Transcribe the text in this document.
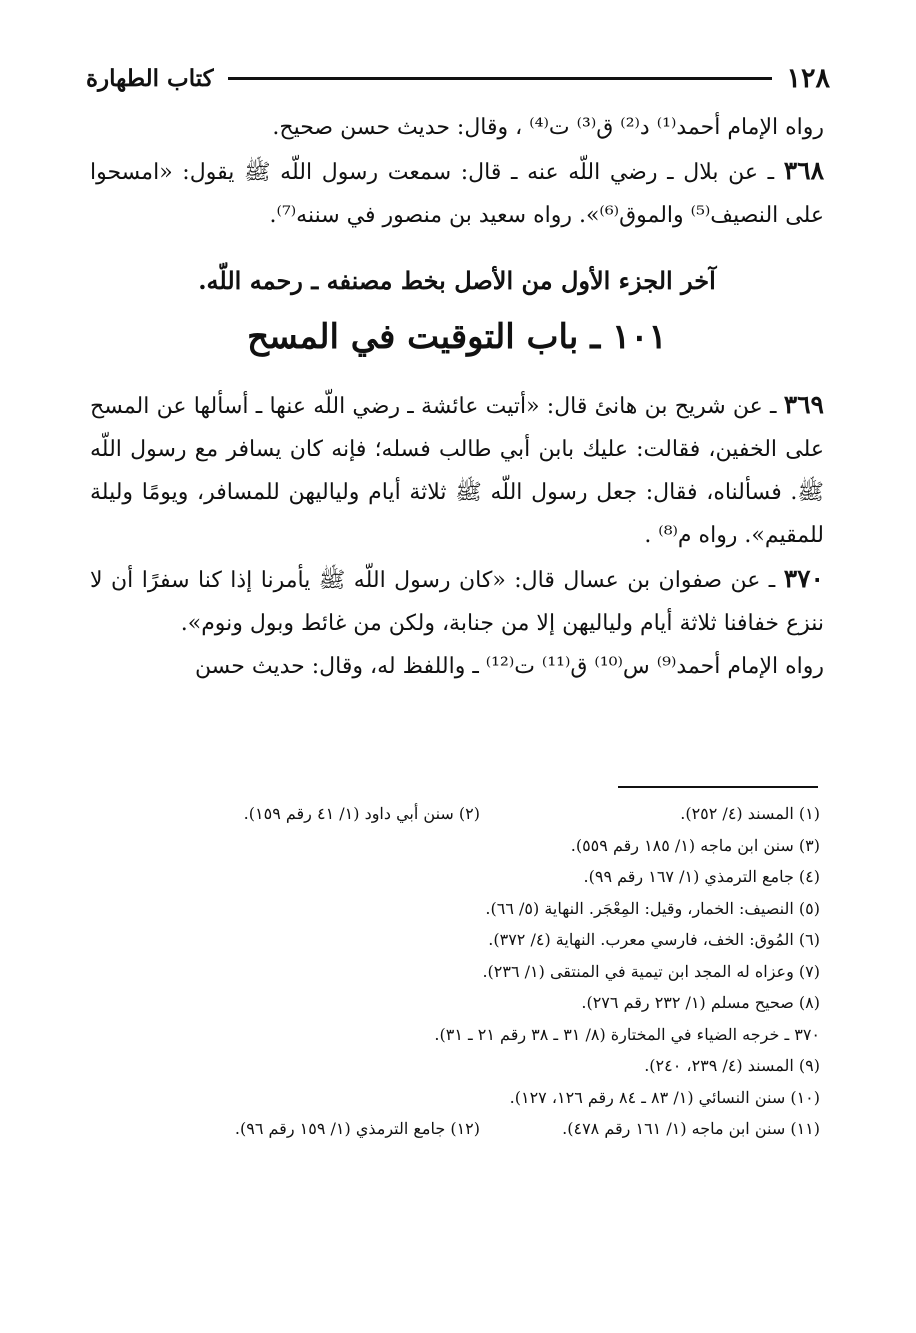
١٢٨
كتاب الطهارة

رواه الإمام أحمد⁽¹⁾ د⁽²⁾ ق⁽³⁾ ت⁽⁴⁾ ، وقال: حديث حسن صحيح.

٣٦٨ ـ عن بلال ـ رضي اللّه عنه ـ قال: سمعت رسول اللّه ﷺ يقول: «امسحوا على النصيف⁽⁵⁾ والموق⁽⁶⁾». رواه سعيد بن منصور في سننه⁽⁷⁾.

آخر الجزء الأول من الأصل بخط مصنفه ـ رحمه اللّه.
١٠١ ـ باب التوقيت في المسح

٣٦٩ ـ عن شريح بن هانئ قال: «أتيت عائشة ـ رضي اللّه عنها ـ أسألها عن المسح على الخفين، فقالت: عليك بابن أبي طالب فسله؛ فإنه كان يسافر مع رسول اللّه ﷺ. فسألناه، فقال: جعل رسول اللّه ﷺ ثلاثة أيام ولياليهن للمسافر، ويومًا وليلة للمقيم». رواه م⁽⁸⁾ .

٣٧٠ ـ عن صفوان بن عسال قال: «كان رسول اللّه ﷺ يأمرنا إذا كنا سفرًا أن لا ننزع خفافنا ثلاثة أيام ولياليهن إلا من جنابة، ولكن من غائط وبول ونوم».

رواه الإمام أحمد⁽⁹⁾ س⁽¹⁰⁾ ق⁽¹¹⁾ ت⁽¹²⁾ ـ واللفظ له، وقال: حديث حسن

(١) المسند (٤/ ٢٥٢).
(٢) سنن أبي داود (١/ ٤١ رقم ١٥٩).
(٣) سنن ابن ماجه (١/ ١٨٥ رقم ٥٥٩).
(٤) جامع الترمذي (١/ ١٦٧ رقم ٩٩).
(٥) النصيف: الخمار، وقيل: المِعْجَر. النهاية (٥/ ٦٦).
(٦) المُوق: الخف، فارسي معرب. النهاية (٤/ ٣٧٢).
(٧) وعزاه له المجد ابن تيمية في المنتقى (١/ ٢٣٦).
(٨) صحيح مسلم (١/ ٢٣٢ رقم ٢٧٦).
٣٧٠ ـ خرجه الضياء في المختارة (٨/ ٣١ ـ ٣٨ رقم ٢١ ـ ٣١).
(٩) المسند (٤/ ٢٣٩، ٢٤٠).
(١٠) سنن النسائي (١/ ٨٣ ـ ٨٤ رقم ١٢٦، ١٢٧).
(١١) سنن ابن ماجه (١/ ١٦١ رقم ٤٧٨).
(١٢) جامع الترمذي (١/ ١٥٩ رقم ٩٦).
